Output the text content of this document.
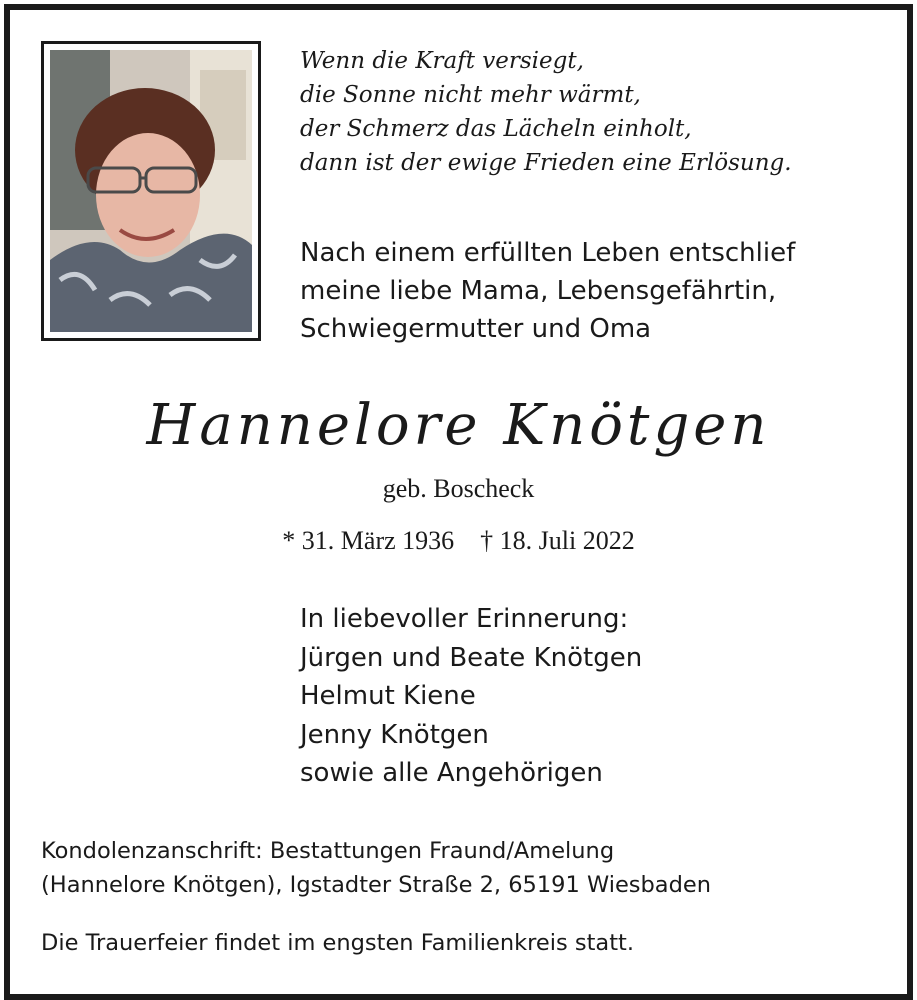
Wenn die Kraft versiegt,
die Sonne nicht mehr wärmt,
der Schmerz das Lächeln einholt,
dann ist der ewige Frieden eine Erlösung.
Nach einem erfüllten Leben entschlief
meine liebe Mama, Lebensgefährtin,
Schwiegermutter und Oma
Hannelore Knötgen
geb. Boscheck
* 31. März 1936 † 18. Juli 2022
In liebevoller Erinnerung:
Jürgen und Beate Knötgen
Helmut Kiene
Jenny Knötgen
sowie alle Angehörigen
Kondolenzanschrift: Bestattungen Fraund/Amelung
(Hannelore Knötgen), Igstadter Straße 2, 65191 Wiesbaden
Die Trauerfeier findet im engsten Familienkreis statt.
